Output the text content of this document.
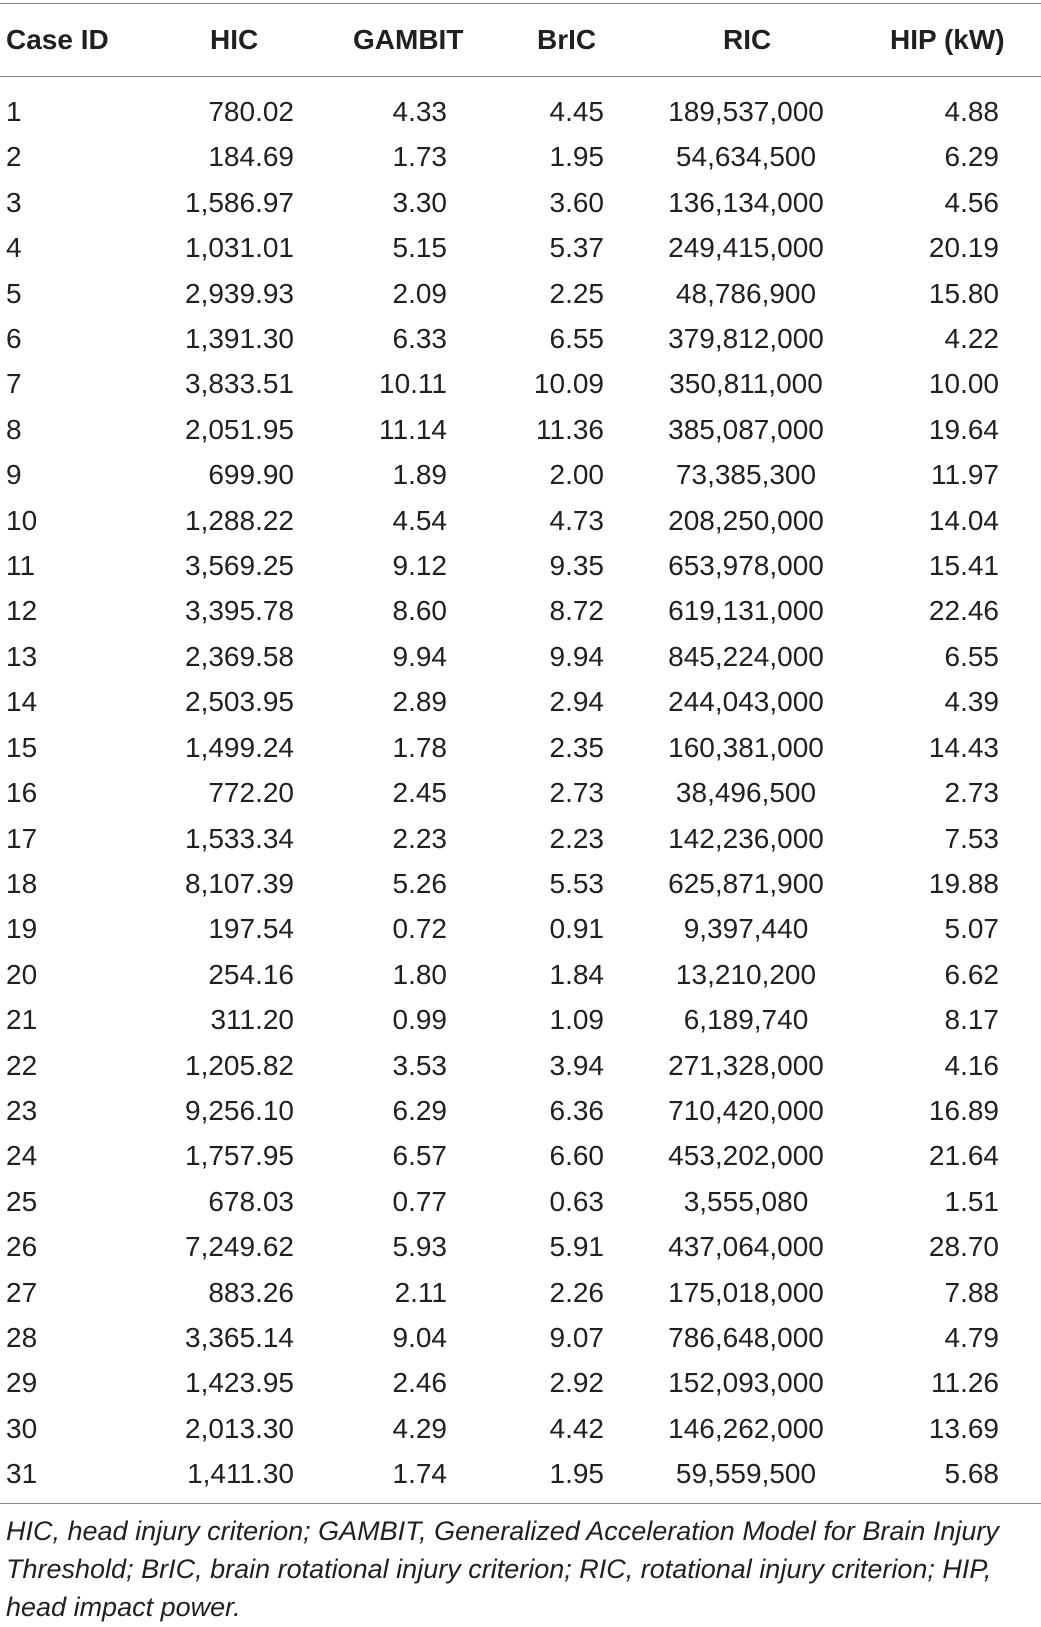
Case ID	HIC	GAMBIT	BrIC	RIC	HIP (kW)
1	780.02	4.33	4.45	189,537,000	4.88
2	184.69	1.73	1.95	54,634,500	6.29
3	1,586.97	3.30	3.60	136,134,000	4.56
4	1,031.01	5.15	5.37	249,415,000	20.19
5	2,939.93	2.09	2.25	48,786,900	15.80
6	1,391.30	6.33	6.55	379,812,000	4.22
7	3,833.51	10.11	10.09	350,811,000	10.00
8	2,051.95	11.14	11.36	385,087,000	19.64
9	699.90	1.89	2.00	73,385,300	11.97
10	1,288.22	4.54	4.73	208,250,000	14.04
11	3,569.25	9.12	9.35	653,978,000	15.41
12	3,395.78	8.60	8.72	619,131,000	22.46
13	2,369.58	9.94	9.94	845,224,000	6.55
14	2,503.95	2.89	2.94	244,043,000	4.39
15	1,499.24	1.78	2.35	160,381,000	14.43
16	772.20	2.45	2.73	38,496,500	2.73
17	1,533.34	2.23	2.23	142,236,000	7.53
18	8,107.39	5.26	5.53	625,871,900	19.88
19	197.54	0.72	0.91	9,397,440	5.07
20	254.16	1.80	1.84	13,210,200	6.62
21	311.20	0.99	1.09	6,189,740	8.17
22	1,205.82	3.53	3.94	271,328,000	4.16
23	9,256.10	6.29	6.36	710,420,000	16.89
24	1,757.95	6.57	6.60	453,202,000	21.64
25	678.03	0.77	0.63	3,555,080	1.51
26	7,249.62	5.93	5.91	437,064,000	28.70
27	883.26	2.11	2.26	175,018,000	7.88
28	3,365.14	9.04	9.07	786,648,000	4.79
29	1,423.95	2.46	2.92	152,093,000	11.26
30	2,013.30	4.29	4.42	146,262,000	13.69
31	1,411.30	1.74	1.95	59,559,500	5.68
HIC, head injury criterion; GAMBIT, Generalized Acceleration Model for Brain Injury Threshold; BrIC, brain rotational injury criterion; RIC, rotational injury criterion; HIP, head impact power.
